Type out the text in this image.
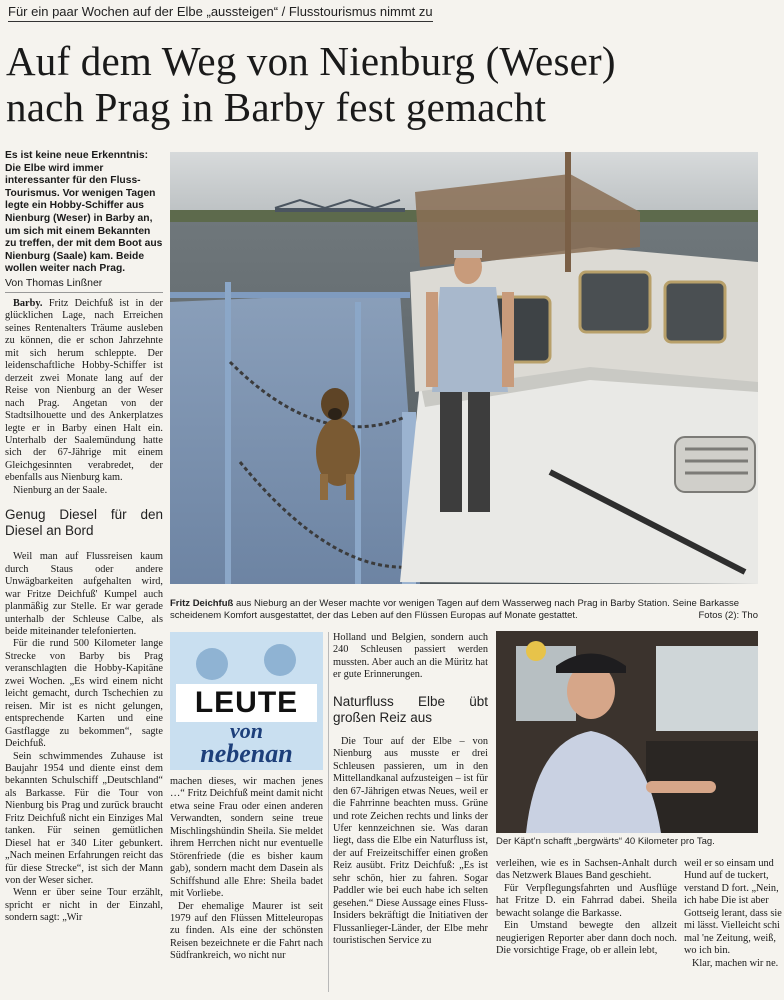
Für ein paar Wochen auf der Elbe „aussteigen“ / Flusstourismus nimmt zu
Auf dem Weg von Nienburg (Weser)
nach Prag in Barby fest gemacht
Es ist keine neue Erkenntnis: Die Elbe wird immer interessanter für den Fluss-Tourismus. Vor wenigen Tagen legte ein Hobby-Schiffer aus Nienburg (Weser) in Barby an, um sich mit einem Bekannten zu treffen, der mit dem Boot aus Nienburg (Saale) kam. Beide wollen weiter nach Prag.
Von Thomas Linßner

Barby. Fritz Deichfuß ist in der glücklichen Lage, nach Erreichen seines Rentenalters Träume ausleben zu können, die er schon Jahrzehnte mit sich herum schleppte. Der leidenschaftliche Hobby-Schiffer ist derzeit zwei Monate lang auf der Reise von Nienburg an der Weser nach Prag. Angetan von der Stadtsilhouette und des Ankerplatzes legte er in Barby einen Halt ein. Unterhalb der Saalemündung hatte sich der 67-Jährige mit einem Gleichgesinnten verabredet, der ebenfalls aus Nienburg kam.

Nienburg an der Saale.

Genug Diesel für den Diesel an Bord

Weil man auf Flussreisen kaum durch Staus oder andere Unwägbarkeiten aufgehalten wird, war Fritze Deichfuß' Kumpel auch planmäßig zur Stelle. Er war gerade unterhalb der Schleuse Calbe, als beide miteinander telefonierten.

Für die rund 500 Kilometer lange Strecke von Barby bis Prag veranschlagten die Hobby-Kapitäne zwei Wochen. „Es wird einem nicht leicht gemacht, durch Tschechien zu reisen. Mir ist es nicht gelungen, entsprechende Karten und eine Gastflagge zu bekommen“, sagte Deichfuß.

Sein schwimmendes Zuhause ist Baujahr 1954 und diente einst dem bekannten Schulschiff „Deutschland“ als Barkasse. Für die Tour von Nienburg bis Prag und zurück braucht Fritz Deichfuß nicht ein Einziges Mal tanken. Für seinen gemütlichen Diesel hat er 340 Liter gebunkert. „Nach meinen Erfahrungen reicht das für diese Strecke“, ist sich der Mann von der Weser sicher.

Wenn er über seine Tour erzählt, spricht er nicht in der Einzahl, sondern sagt: „Wir

Fritz Deichfuß aus Nieburg an der Weser machte vor wenigen Tagen auf dem Wasserweg nach Prag in Barby Station. Seine Barkasse
scheidenem Komfort ausgestattet, der das Leben auf den Flüssen Europas auf Monate gestattet.	Fotos (2): Tho
LEUTE
von
nebenan

machen dieses, wir machen jenes …“ Fritz Deichfuß meint damit nicht etwa seine Frau oder einen anderen Verwandten, sondern seine treue Mischlingshündin Sheila. Sie meldet ihrem Herrchen nicht nur eventuelle Störenfriede (die es bisher kaum gab), sondern macht dem Dasein als Schiffshund alle Ehre: Sheila badet mit Vorliebe.

Der ehemalige Maurer ist seit 1979 auf den Flüssen Mitteleuropas zu finden. Als eine der schönsten Reisen bezeichnete er die Fahrt nach Südfrankreich, wo nicht nur

Holland und Belgien, sondern auch 240 Schleusen passiert werden mussten. Aber auch an die Müritz hat er gute Erinnerungen.

Naturfluss Elbe übt großen Reiz aus

Die Tour auf der Elbe – von Nienburg aus musste er drei Schleusen passieren, um in den Mittellandkanal aufzusteigen – ist für den 67-Jährigen etwas Neues, weil er die Fahrrinne beachten muss. Grüne und rote Zeichen rechts und links der Ufer kennzeichnen sie. Was daran liegt, dass die Elbe ein Naturfluss ist, der auf Freizeitschiffer einen großen Reiz ausübt. Fritz Deichfuß: „Es ist sehr schön, hier zu fahren. Sogar Paddler wie bei euch habe ich selten gesehen.“ Diese Aussage eines Fluss-Insiders bekräftigt die Initiativen der Flussanlieger-Länder, der Elbe mehr touristischen Service zu

Der Käpt’n schafft „bergwärts“ 40 Kilometer pro Tag.

verleihen, wie es in Sachsen-Anhalt durch das Netzwerk Blaues Band geschieht.

Für Verpflegungsfahrten und Ausflüge hat Fritze D. ein Fahrrad dabei. Sheila bewacht solange die Barkasse.

Ein Umstand bewegte den allzeit neugierigen Reporter aber dann doch noch. Die vorsichtige Frage, ob er allein lebt,

weil er so einsam und Hund auf de tuckert, verstand D fort. „Nein, ich habe Die ist aber Gottseig lerant, dass sie mi lässt. Vielleicht schi mal 'ne Zeitung, weiß, wo ich bin.

Klar, machen wir ne.
